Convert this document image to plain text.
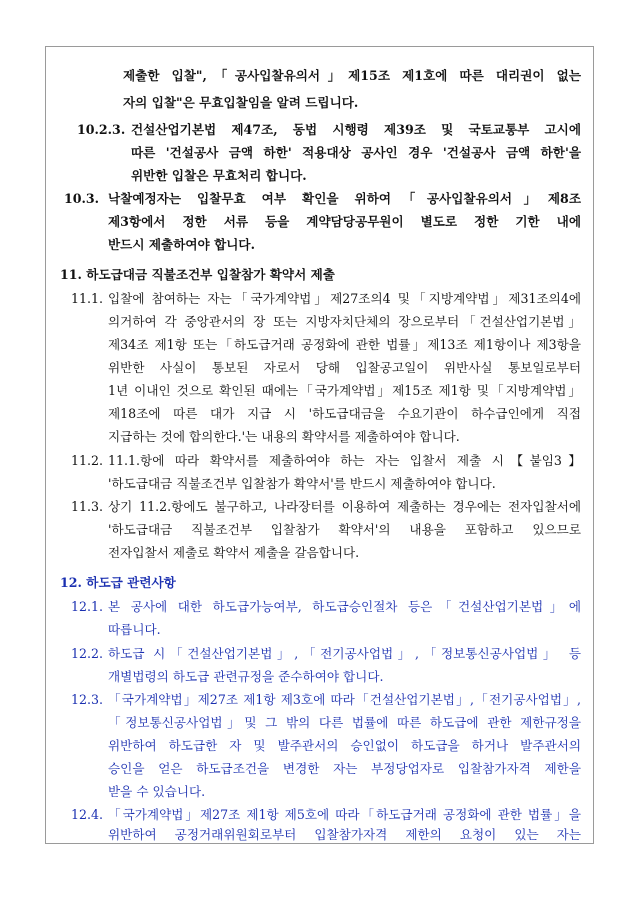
제출한 입찰",「공사입찰유의서」제15조 제1호에 따른 대리권이 없는
자의 입찰"은 무효입찰임을 알려 드립니다.
10.2.3. 건설산업기본법 제47조, 동법 시행령 제39조 및 국토교통부 고시에
따른 '건설공사 금액 하한' 적용대상 공사인 경우 '건설공사 금액 하한'을
위반한 입찰은 무효처리 합니다.
10.3. 낙찰예정자는 입찰무효 여부 확인을 위하여「공사입찰유의서」제8조
제3항에서 정한 서류 등을 계약담당공무원이 별도로 정한 기한 내에
반드시 제출하여야 합니다.
11. 하도급대금 직불조건부 입찰참가 확약서 제출
11.1. 입찰에 참여하는 자는「국가계약법」제27조의4 및「지방계약법」제31조의4에
의거하여 각 중앙관서의 장 또는 지방자치단체의 장으로부터「건설산업기본법」
제34조 제1항 또는「하도급거래 공정화에 관한 법률」제13조 제1항이나 제3항을
위반한 사실이 통보된 자로서 당해 입찰공고일이 위반사실 통보일로부터
1년 이내인 것으로 확인된 때에는「국가계약법」제15조 제1항 및「지방계약법」
제18조에 따른 대가 지급 시 '하도급대금을 수요기관이 하수급인에게 직접
지급하는 것에 합의한다.'는 내용의 확약서를 제출하여야 합니다.
11.2. 11.1.항에 따라 확약서를 제출하여야 하는 자는 입찰서 제출 시【붙임3】
'하도급대금 직불조건부 입찰참가 확약서'를 반드시 제출하여야 합니다.
11.3. 상기 11.2.항에도 불구하고, 나라장터를 이용하여 제출하는 경우에는 전자입찰서에
'하도급대금 직불조건부 입찰참가 확약서'의 내용을 포함하고 있으므로
전자입찰서 제출로 확약서 제출을 갈음합니다.
12. 하도급 관련사항
12.1. 본 공사에 대한 하도급가능여부, 하도급승인절차 등은「건설산업기본법」에
따릅니다.
12.2. 하도급 시「건설산업기본법」,「전기공사업법」,「정보통신공사업법」 등
개별법령의 하도급 관련규정을 준수하여야 합니다.
12.3. 「국가계약법」제27조 제1항 제3호에 따라「건설산업기본법」,「전기공사업법」,
「정보통신공사업법」및 그 밖의 다른 법률에 따른 하도급에 관한 제한규정을
위반하여 하도급한 자 및 발주관서의 승인없이 하도급을 하거나 발주관서의
승인을 얻은 하도급조건을 변경한 자는 부정당업자로 입찰참가자격 제한을
받을 수 있습니다.
12.4. 「국가계약법」제27조 제1항 제5호에 따라「하도급거래 공정화에 관한 법률」을
위반하여 공정거래위원회로부터 입찰참가자격 제한의 요청이 있는 자는
